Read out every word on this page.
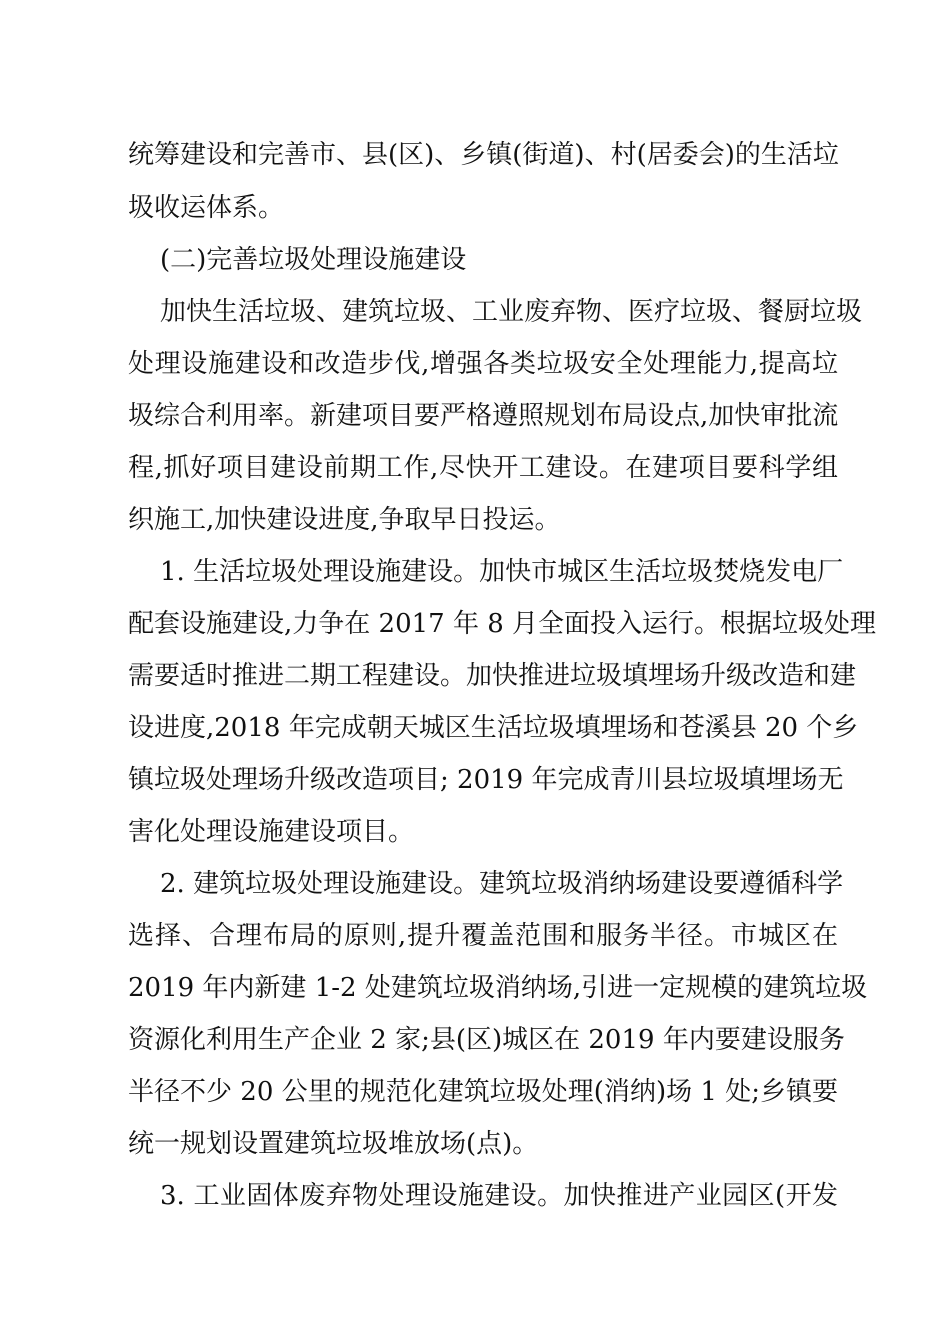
统筹建设和完善市、县(区)、乡镇(街道)、村(居委会)的生活垃
圾收运体系。
(二)完善垃圾处理设施建设
加快生活垃圾、建筑垃圾、工业废弃物、医疗垃圾、餐厨垃圾
处理设施建设和改造步伐,增强各类垃圾安全处理能力,提高垃
圾综合利用率。新建项目要严格遵照规划布局设点,加快审批流
程,抓好项目建设前期工作,尽快开工建设。在建项目要科学组
织施工,加快建设进度,争取早日投运。
1. 生活垃圾处理设施建设。加快市城区生活垃圾焚烧发电厂
配套设施建设,力争在 2017 年 8 月全面投入运行。根据垃圾处理
需要适时推进二期工程建设。加快推进垃圾填埋场升级改造和建
设进度,2018 年完成朝天城区生活垃圾填埋场和苍溪县 20 个乡
镇垃圾处理场升级改造项目; 2019 年完成青川县垃圾填埋场无
害化处理设施建设项目。
2. 建筑垃圾处理设施建设。建筑垃圾消纳场建设要遵循科学
选择、合理布局的原则,提升覆盖范围和服务半径。市城区在
2019 年内新建 1-2 处建筑垃圾消纳场,引进一定规模的建筑垃圾
资源化利用生产企业 2 家;县(区)城区在 2019 年内要建设服务
半径不少 20 公里的规范化建筑垃圾处理(消纳)场 1 处;乡镇要
统一规划设置建筑垃圾堆放场(点)。
3. 工业固体废弃物处理设施建设。加快推进产业园区(开发
